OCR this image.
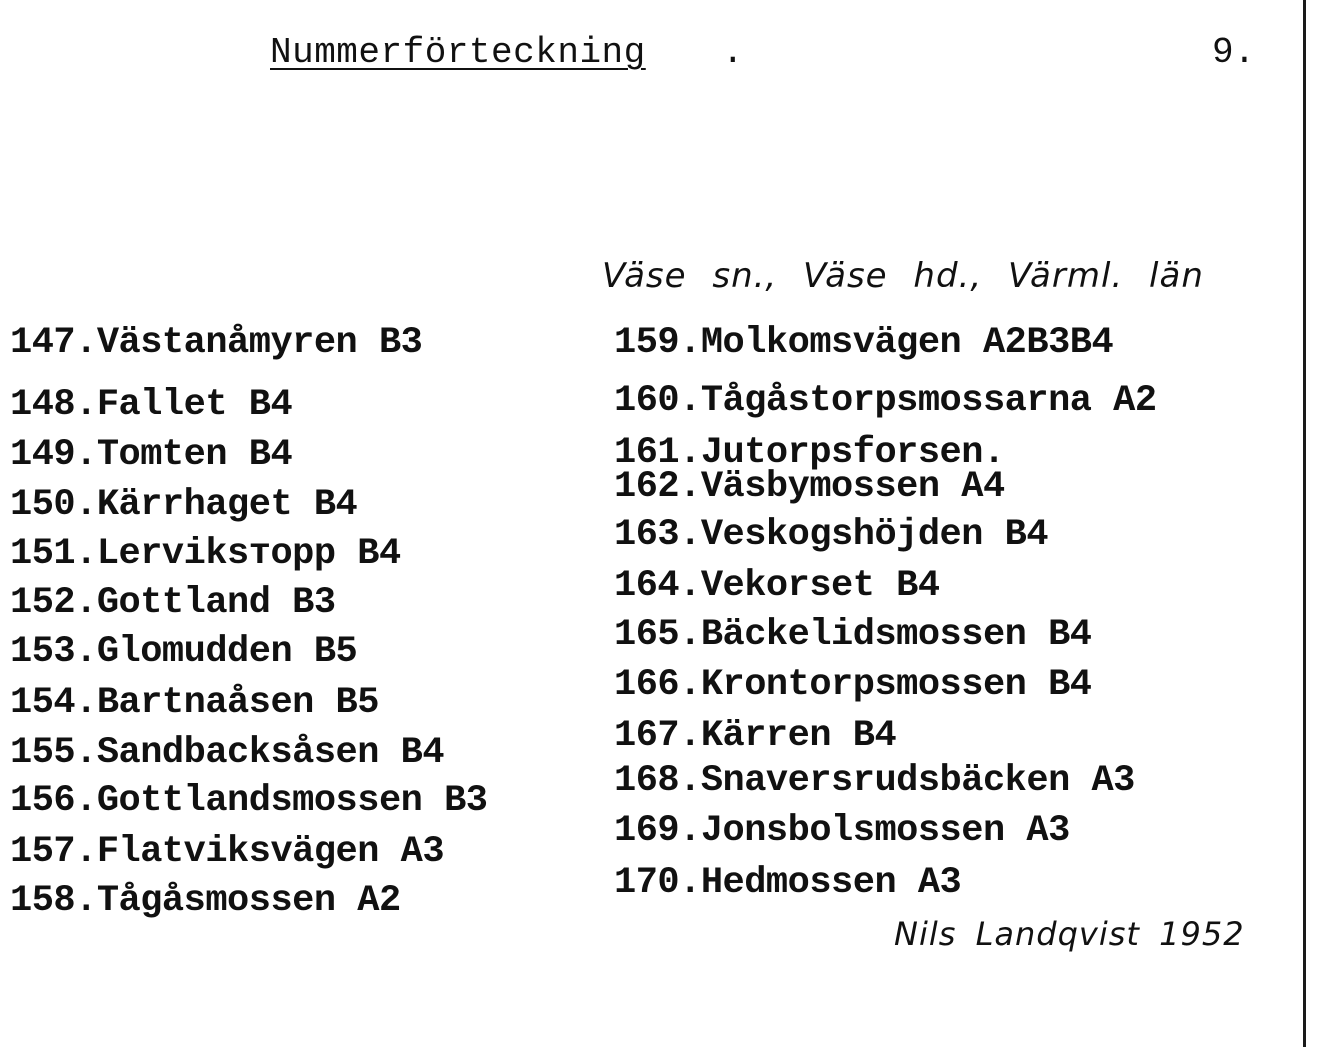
Nummerförteckning .	9.
Väse sn., Väse hd., Värml. län
147.Västanåmyren B3
148.Fallet B4
149.Tomten B4
150.Kärrhaget B4
151.Lerviksторp B4
152.Gottland B3
153.Glomudden B5
154.Bartnaåsen B5
155.Sandbacksåsen B4
156.Gottlandsmossen B3
157.Flatviksvägen A3
158.Tågåsmossen A2
159.Molkomsvägen A2B3B4
160.Tågåstorpsmossarna A2
161.Jutorpsforsen.
162.Väsbymossen A4
163.Veskogshöjden B4
164.Vekorset B4
165.Bäckelidsmossen B4
166.Krontorpsmossen B4
167.Kärren B4
168.Snaversrudsbäcken A3
169.Jonsbolsmossen A3
170.Hedmossen A3
Nils Landqvist 1952
